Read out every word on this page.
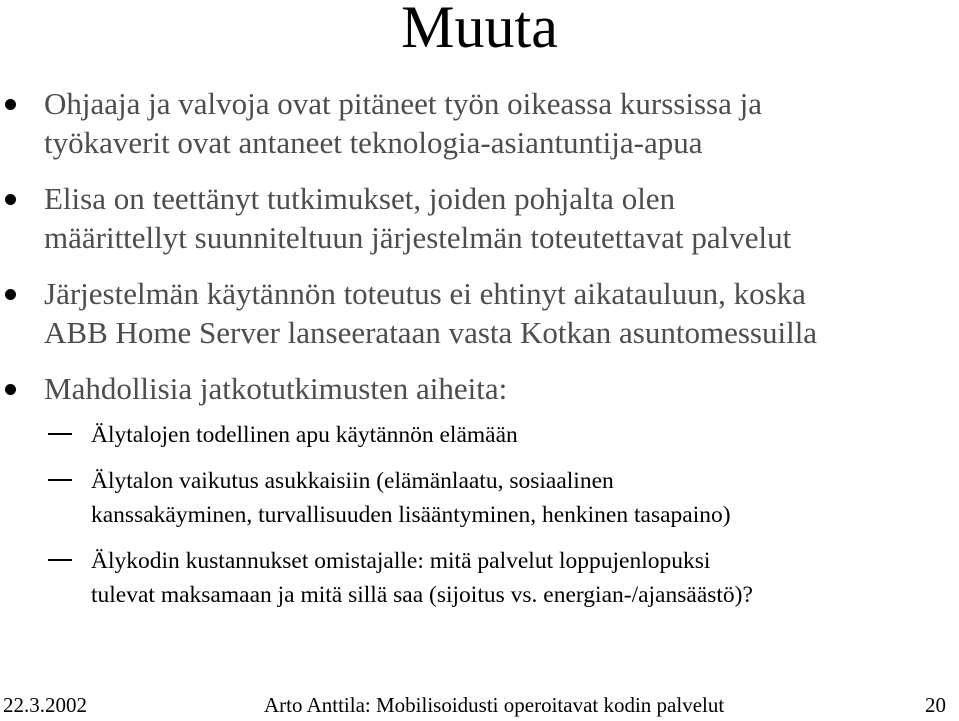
Muuta
Ohjaaja ja valvoja ovat pitäneet työn oikeassa kurssissa ja
työkaverit ovat antaneet teknologia-asiantuntija-apua
Elisa on teettänyt tutkimukset, joiden pohjalta olen
määrittellyt suunniteltuun järjestelmän toteutettavat palvelut
Järjestelmän käytännön toteutus ei ehtinyt aikatauluun, koska
ABB Home Server lanseerataan vasta Kotkan asuntomessuilla
Mahdollisia jatkotutkimusten aiheita:
Älytalojen todellinen apu käytännön elämään
Älytalon vaikutus asukkaisiin (elämänlaatu, sosiaalinen
kanssakäyminen, turvallisuuden lisääntyminen, henkinen tasapaino)
Älykodin kustannukset omistajalle: mitä palvelut loppujenlopuksi
tulevat maksamaan ja mitä sillä saa (sijoitus vs. energian-/ajansäästö)?
22.3.2002	Arto Anttila: Mobilisoidusti operoitavat kodin palvelut	20
